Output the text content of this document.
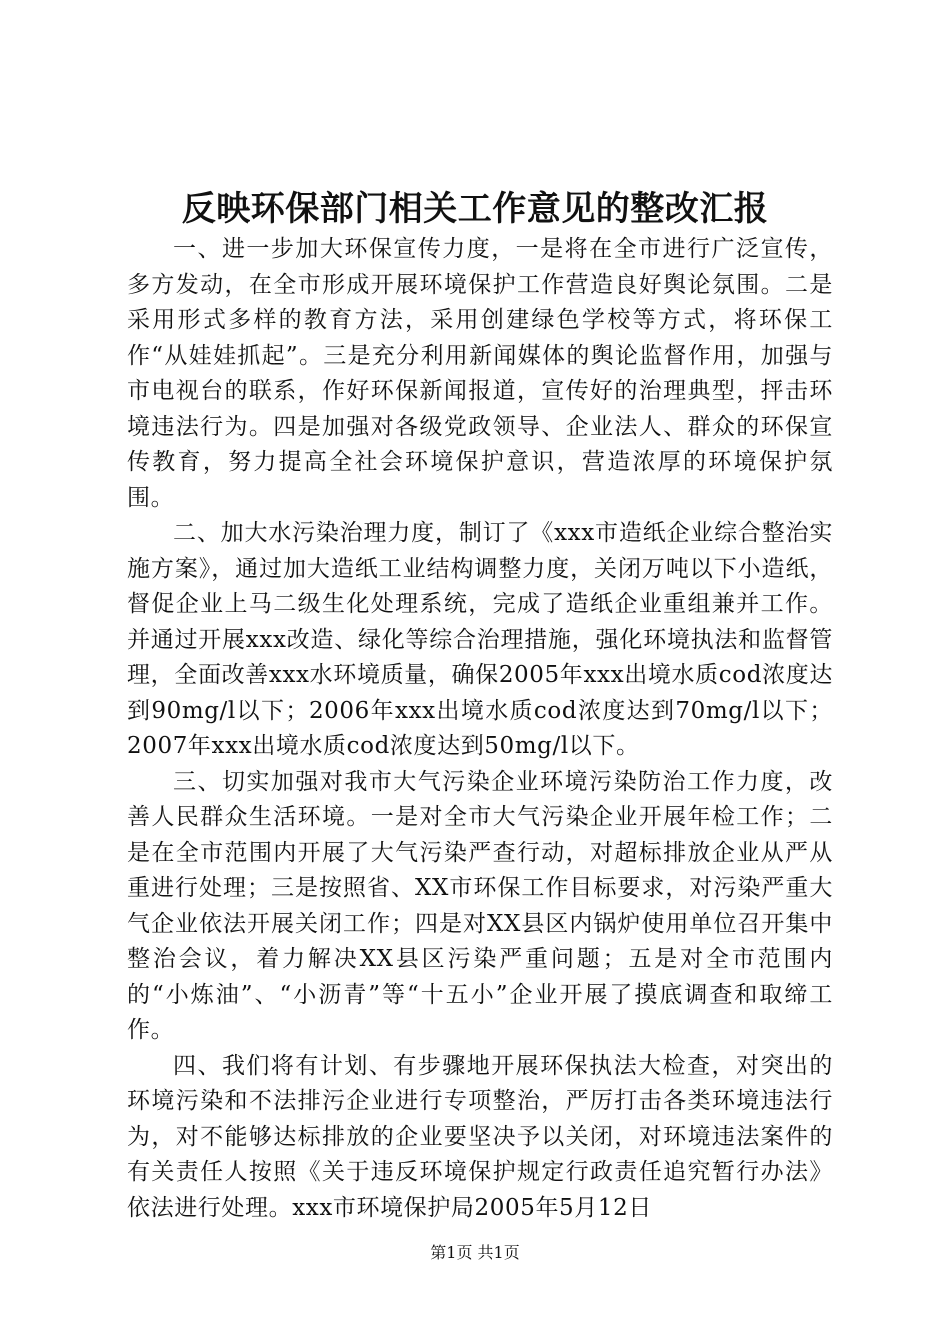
反映环保部门相关工作意见的整改汇报

一、进一步加大环保宣传力度，一是将在全市进行广泛宣传，多方发动，在全市形成开展环境保护工作营造良好舆论氛围。二是采用形式多样的教育方法，采用创建绿色学校等方式，将环保工作“从娃娃抓起”。三是充分利用新闻媒体的舆论监督作用，加强与市电视台的联系，作好环保新闻报道，宣传好的治理典型，抨击环境违法行为。四是加强对各级党政领导、企业法人、群众的环保宣传教育，努力提高全社会环境保护意识，营造浓厚的环境保护氛围。

二、加大水污染治理力度，制订了《xxx市造纸企业综合整治实施方案》，通过加大造纸工业结构调整力度，关闭万吨以下小造纸，督促企业上马二级生化处理系统，完成了造纸企业重组兼并工作。并通过开展xxx改造、绿化等综合治理措施，强化环境执法和监督管理，全面改善xxx水环境质量，确保2005年xxx出境水质cod浓度达到90mg/l以下；2006年xxx出境水质cod浓度达到70mg/l以下；2007年xxx出境水质cod浓度达到50mg/l以下。

三、切实加强对我市大气污染企业环境污染防治工作力度，改善人民群众生活环境。一是对全市大气污染企业开展年检工作；二是在全市范围内开展了大气污染严查行动，对超标排放企业从严从重进行处理；三是按照省、XX市环保工作目标要求，对污染严重大气企业依法开展关闭工作；四是对XX县区内锅炉使用单位召开集中整治会议，着力解决XX县区污染严重问题；五是对全市范围内的“小炼油”、“小沥青”等“十五小”企业开展了摸底调查和取缔工作。

四、我们将有计划、有步骤地开展环保执法大检查，对突出的环境污染和不法排污企业进行专项整治，严厉打击各类环境违法行为，对不能够达标排放的企业要坚决予以关闭，对环境违法案件的有关责任人按照《关于违反环境保护规定行政责任追究暂行办法》依法进行处理。xxx市环境保护局2005年5月12日

第1页 共1页
